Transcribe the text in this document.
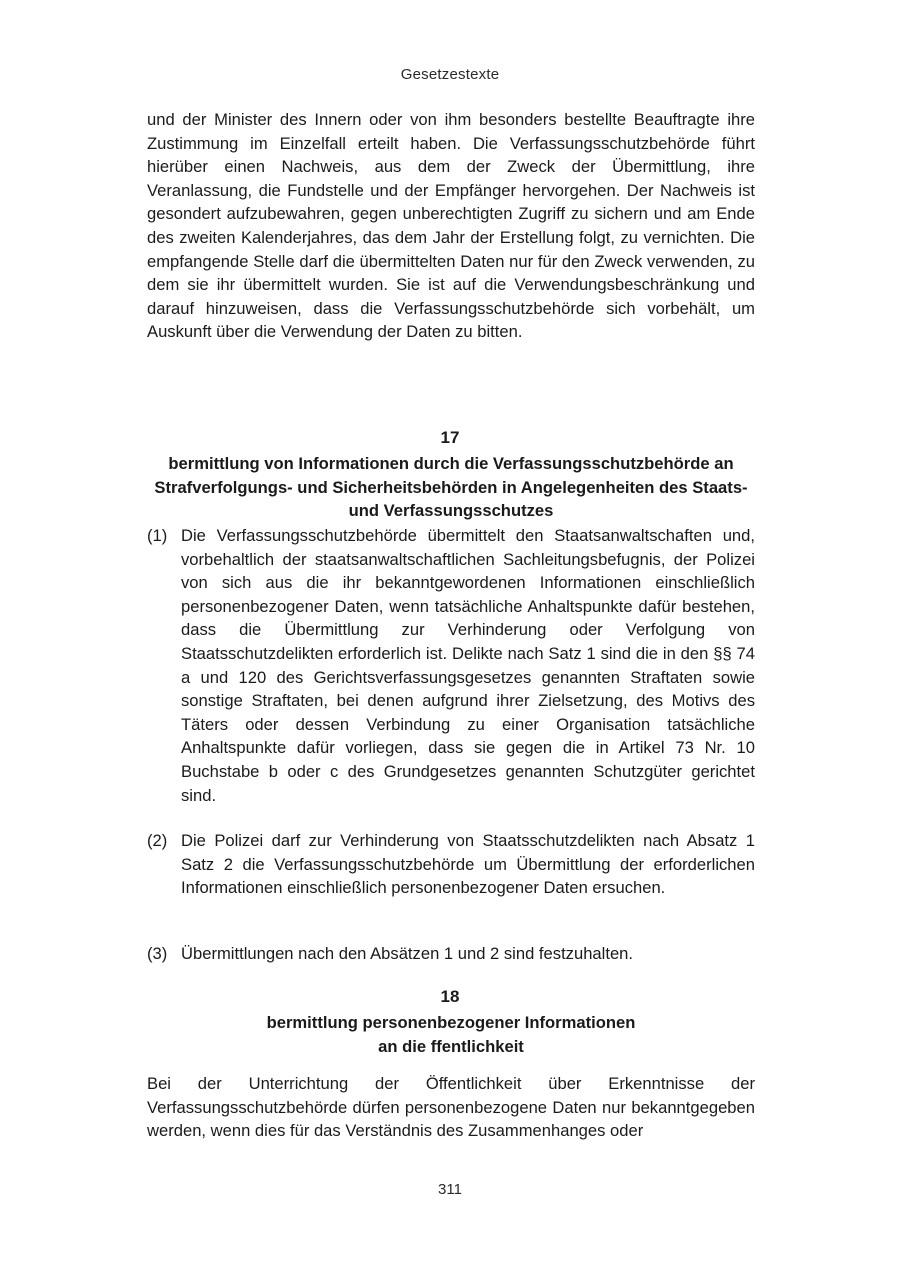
Gesetzestexte
und der Minister des Innern oder von ihm besonders bestellte Beauftragte ihre Zustimmung im Einzelfall erteilt haben. Die Verfassungsschutzbehörde führt hierüber einen Nachweis, aus dem der Zweck der Übermittlung, ihre Veranlassung, die Fundstelle und der Empfänger hervorgehen. Der Nachweis ist gesondert aufzubewahren, gegen unberechtigten Zugriff zu sichern und am Ende des zweiten Kalenderjahres, das dem Jahr der Erstellung folgt, zu vernichten. Die empfangende Stelle darf die übermittelten Daten nur für den Zweck verwenden, zu dem sie ihr übermittelt wurden. Sie ist auf die Verwendungsbeschränkung und darauf hinzuweisen, dass die Verfassungsschutzbehörde sich vorbehält, um Auskunft über die Verwendung der Daten zu bitten.
17
bermittlung von Informationen durch die Verfassungsschutzbehörde an Strafverfolgungs- und Sicherheitsbehörden in Angelegenheiten des Staats- und Verfassungsschutzes
(1) Die Verfassungsschutzbehörde übermittelt den Staatsanwaltschaften und, vorbehaltlich der staatsanwaltschaftlichen Sachleitungsbefugnis, der Polizei von sich aus die ihr bekanntgewordenen Informationen einschließlich personenbezogener Daten, wenn tatsächliche Anhaltspunkte dafür bestehen, dass die Übermittlung zur Verhinderung oder Verfolgung von Staatsschutzdelikten erforderlich ist. Delikte nach Satz 1 sind die in den §§ 74 a und 120 des Gerichtsverfassungsgesetzes genannten Straftaten sowie sonstige Straftaten, bei denen aufgrund ihrer Zielsetzung, des Motivs des Täters oder dessen Verbindung zu einer Organisation tatsächliche Anhaltspunkte dafür vorliegen, dass sie gegen die in Artikel 73 Nr. 10 Buchstabe b oder c des Grundgesetzes genannten Schutzgüter gerichtet sind.
(2) Die Polizei darf zur Verhinderung von Staatsschutzdelikten nach Absatz 1 Satz 2 die Verfassungsschutzbehörde um Übermittlung der erforderlichen Informationen einschließlich personenbezogener Daten ersuchen.
(3) Übermittlungen nach den Absätzen 1 und 2 sind festzuhalten.
18
bermittlung personenbezogener Informationen
an die ffentlichkeit
Bei der Unterrichtung der Öffentlichkeit über Erkenntnisse der Verfassungsschutzbehörde dürfen personenbezogene Daten nur bekanntgegeben werden, wenn dies für das Verständnis des Zusammenhanges oder
311
